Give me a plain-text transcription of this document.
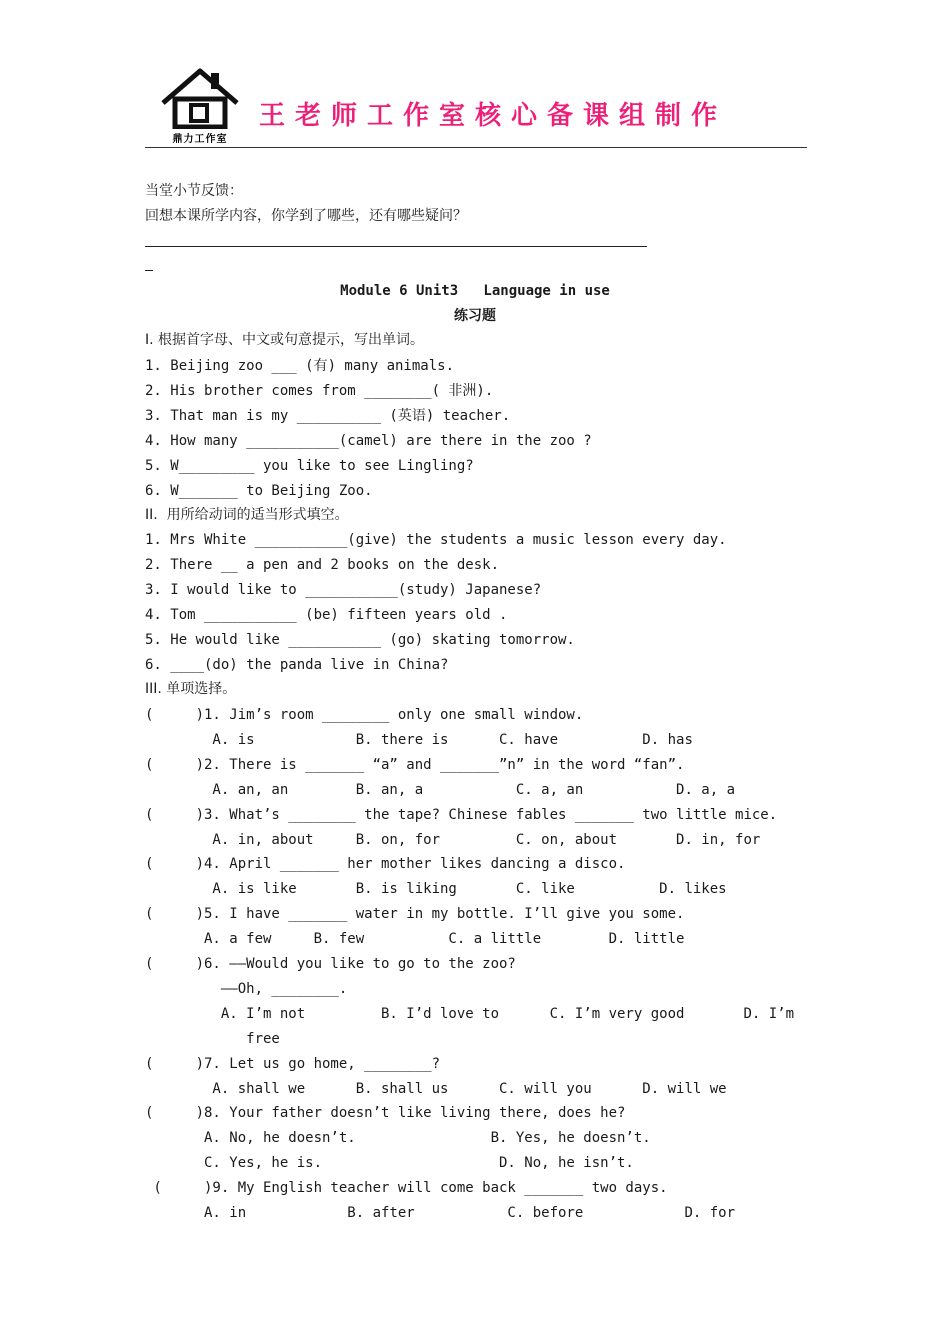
鼎力工作室
王老师工作室核心备课组制作
当堂小节反馈：
回想本课所学内容，你学到了哪些，还有哪些疑问？
Module 6 Unit3   Language in use
练习题
I. 根据首字母、中文或句意提示，写出单词。
1. Beijing zoo ___ (有) many animals.
2. His brother comes from ________( 非洲).
3. That man is my __________ (英语) teacher.
4. How many ___________(camel) are there in the zoo ?
5. W_________ you like to see Lingling?
6. W_______ to Beijing Zoo.
II.  用所给动词的适当形式填空。
1. Mrs White ___________(give) the students a music lesson every day.
2. There __ a pen and 2 books on the desk.
3. I would like to ___________(study) Japanese?
4. Tom ___________ (be) fifteen years old .
5. He would like ___________ (go) skating tomorrow.
6. ____(do) the panda live in China?
III. 单项选择。
(     )1. Jim’s room ________ only one small window.
A. is            B. there is      C. have          D. has
(     )2. There is _______ “a” and _______”n” in the word “fan”.
A. an, an        B. an, a           C. a, an           D. a, a
(     )3. What’s ________ the tape? Chinese fables _______ two little mice.
A. in, about     B. on, for         C. on, about       D. in, for
(     )4. April _______ her mother likes dancing a disco.
A. is like       B. is liking       C. like          D. likes
(     )5. I have _______ water in my bottle. I’ll give you some.
A. a few     B. few          C. a little        D. little
(     )6. ——Would you like to go to the zoo?
——Oh, ________.
A. I’m not         B. I’d love to      C. I’m very good       D. I’m
free
(     )7. Let us go home, ________?
A. shall we      B. shall us      C. will you      D. will we
(     )8. Your father doesn’t like living there, does he?
A. No, he doesn’t.                B. Yes, he doesn’t.
C. Yes, he is.                     D. No, he isn’t.
(     )9. My English teacher will come back _______ two days.
A. in            B. after           C. before            D. for
